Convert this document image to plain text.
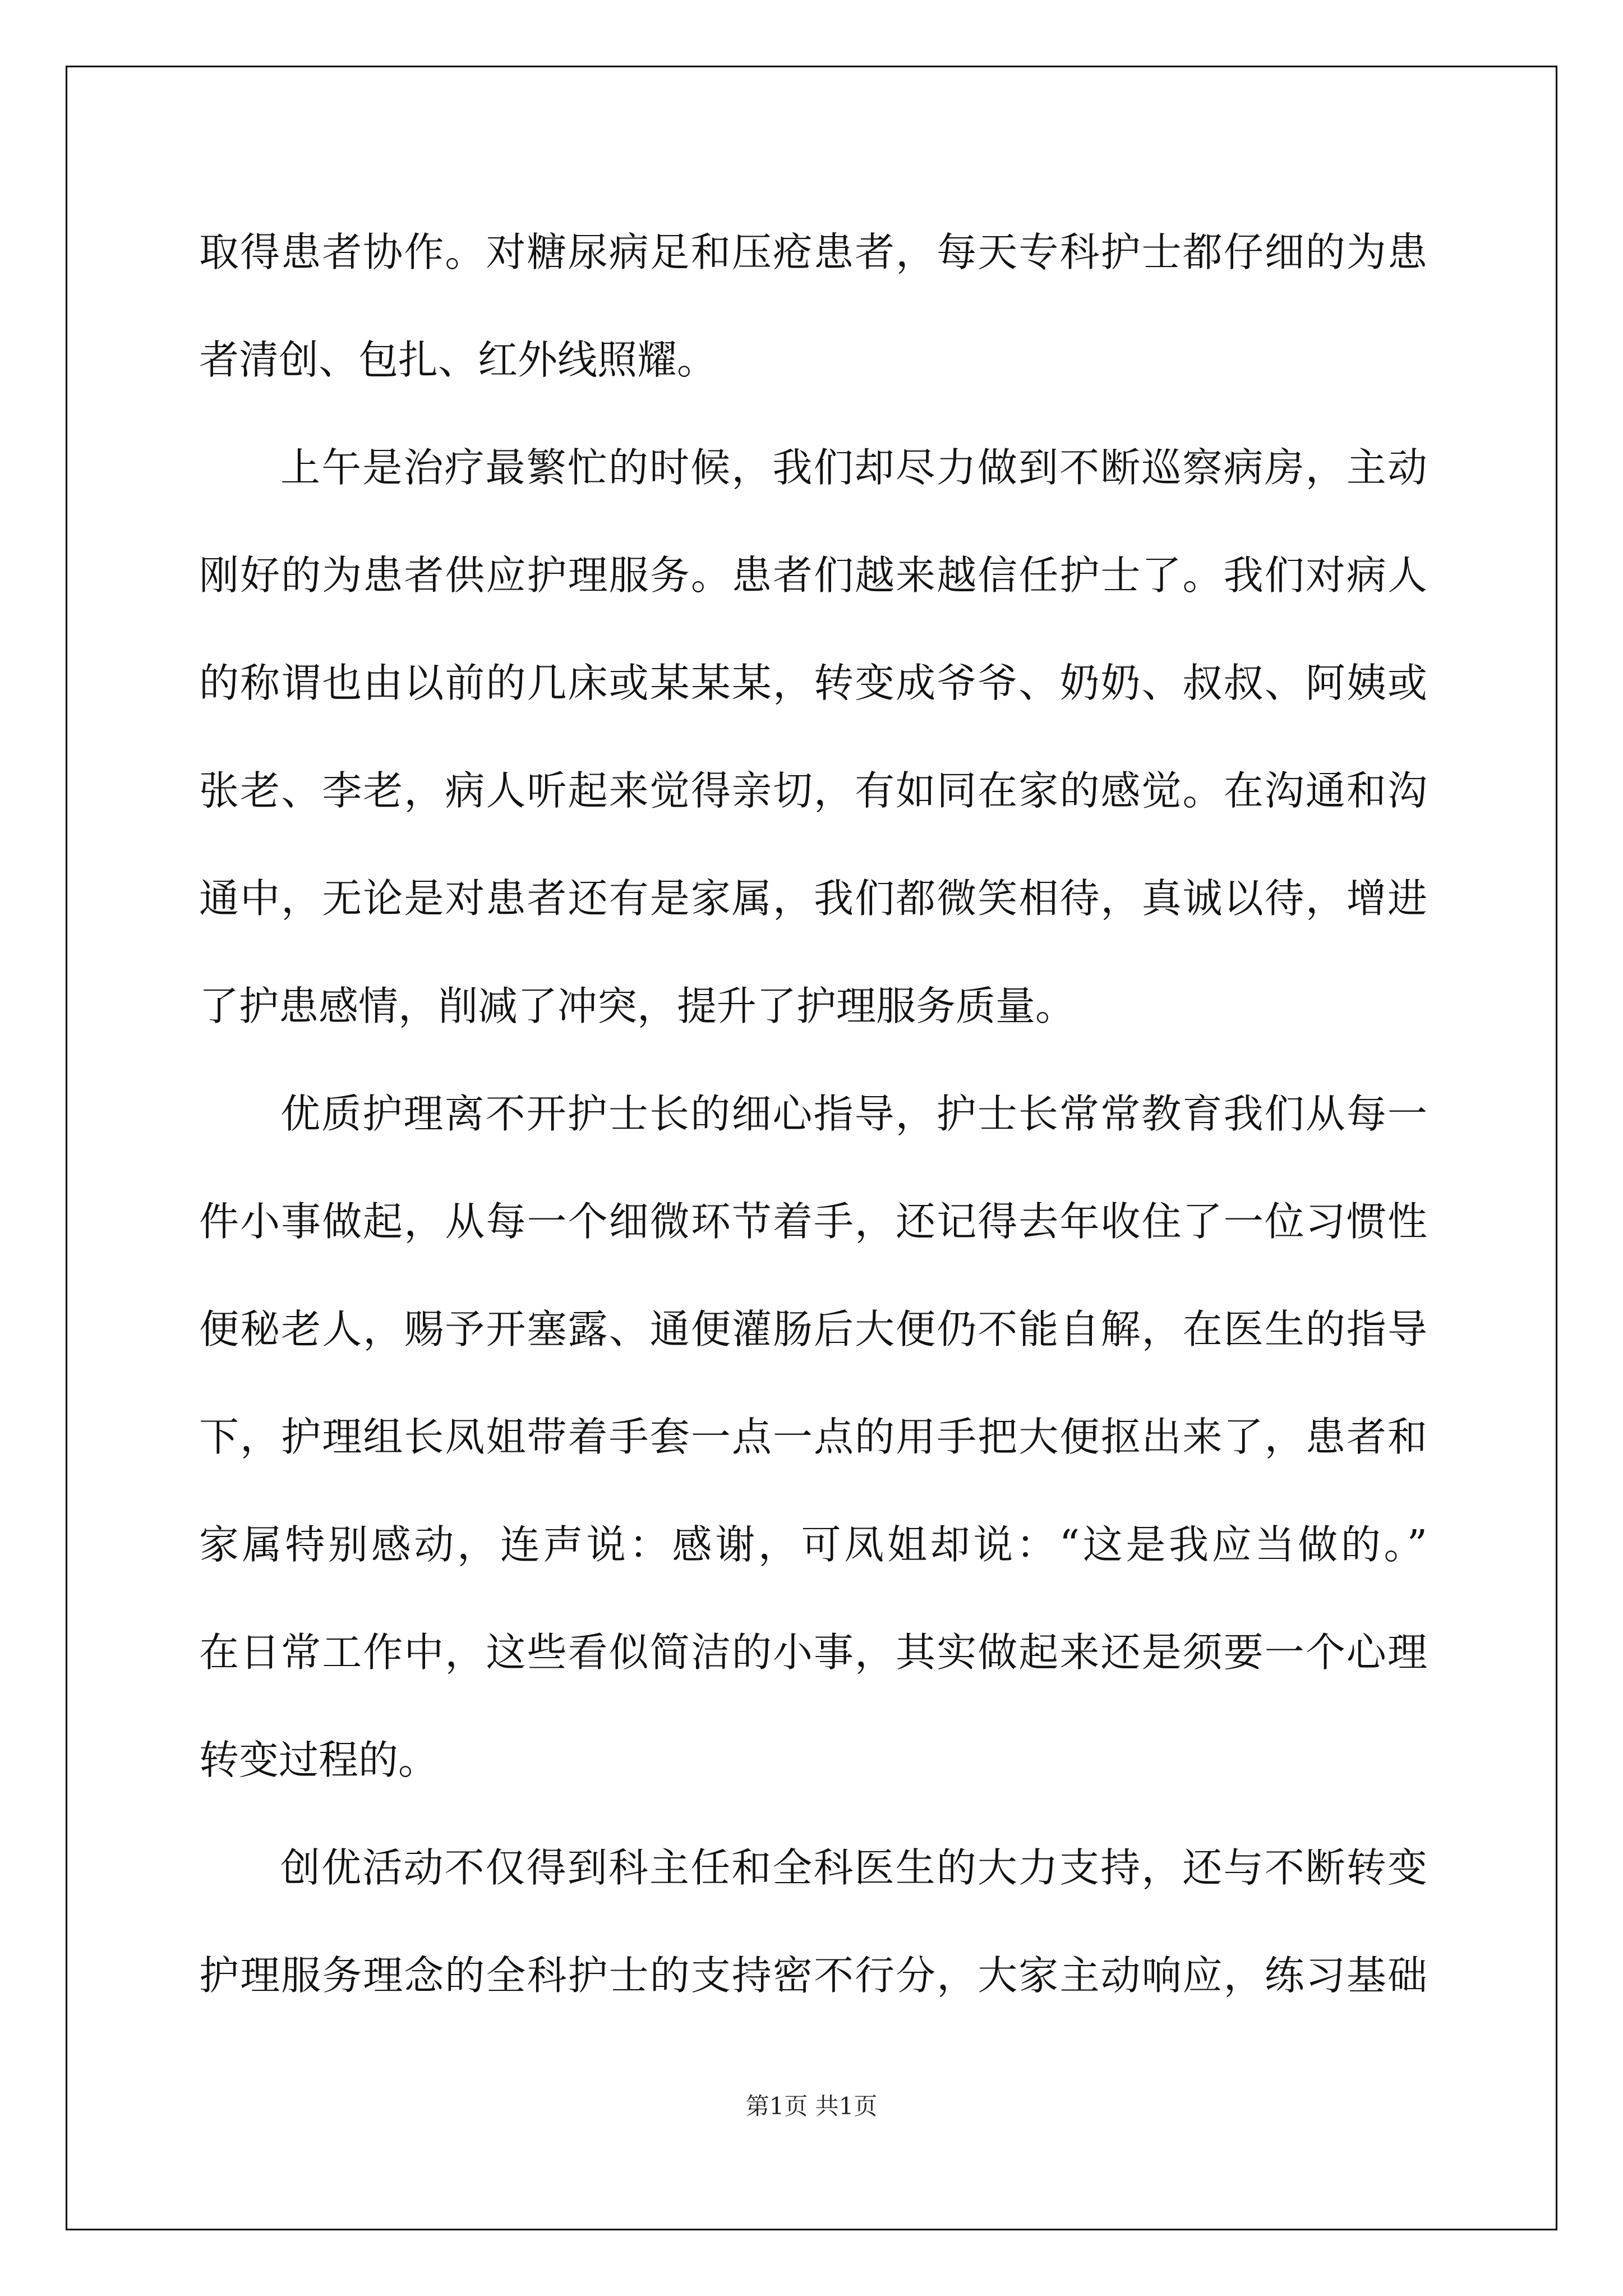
取得患者协作。对糖尿病足和压疮患者，每天专科护士都仔细的为患
者清创、包扎、红外线照耀。
上午是治疗最繁忙的时候，我们却尽力做到不断巡察病房，主动
刚好的为患者供应护理服务。患者们越来越信任护士了。我们对病人
的称谓也由以前的几床或某某某，转变成爷爷、奶奶、叔叔、阿姨或
张老、李老，病人听起来觉得亲切，有如同在家的感觉。在沟通和沟
通中，无论是对患者还有是家属，我们都微笑相待，真诚以待，增进
了护患感情，削减了冲突，提升了护理服务质量。
优质护理离不开护士长的细心指导，护士长常常教育我们从每一
件小事做起，从每一个细微环节着手，还记得去年收住了一位习惯性
便秘老人，赐予开塞露、通便灌肠后大便仍不能自解，在医生的指导
下，护理组长凤姐带着手套一点一点的用手把大便抠出来了，患者和
家属特别感动，连声说：感谢，可凤姐却说：“这是我应当做的。”
在日常工作中，这些看似简洁的小事，其实做起来还是须要一个心理
转变过程的。
创优活动不仅得到科主任和全科医生的大力支持，还与不断转变
护理服务理念的全科护士的支持密不行分，大家主动响应，练习基础
第1页 共1页
